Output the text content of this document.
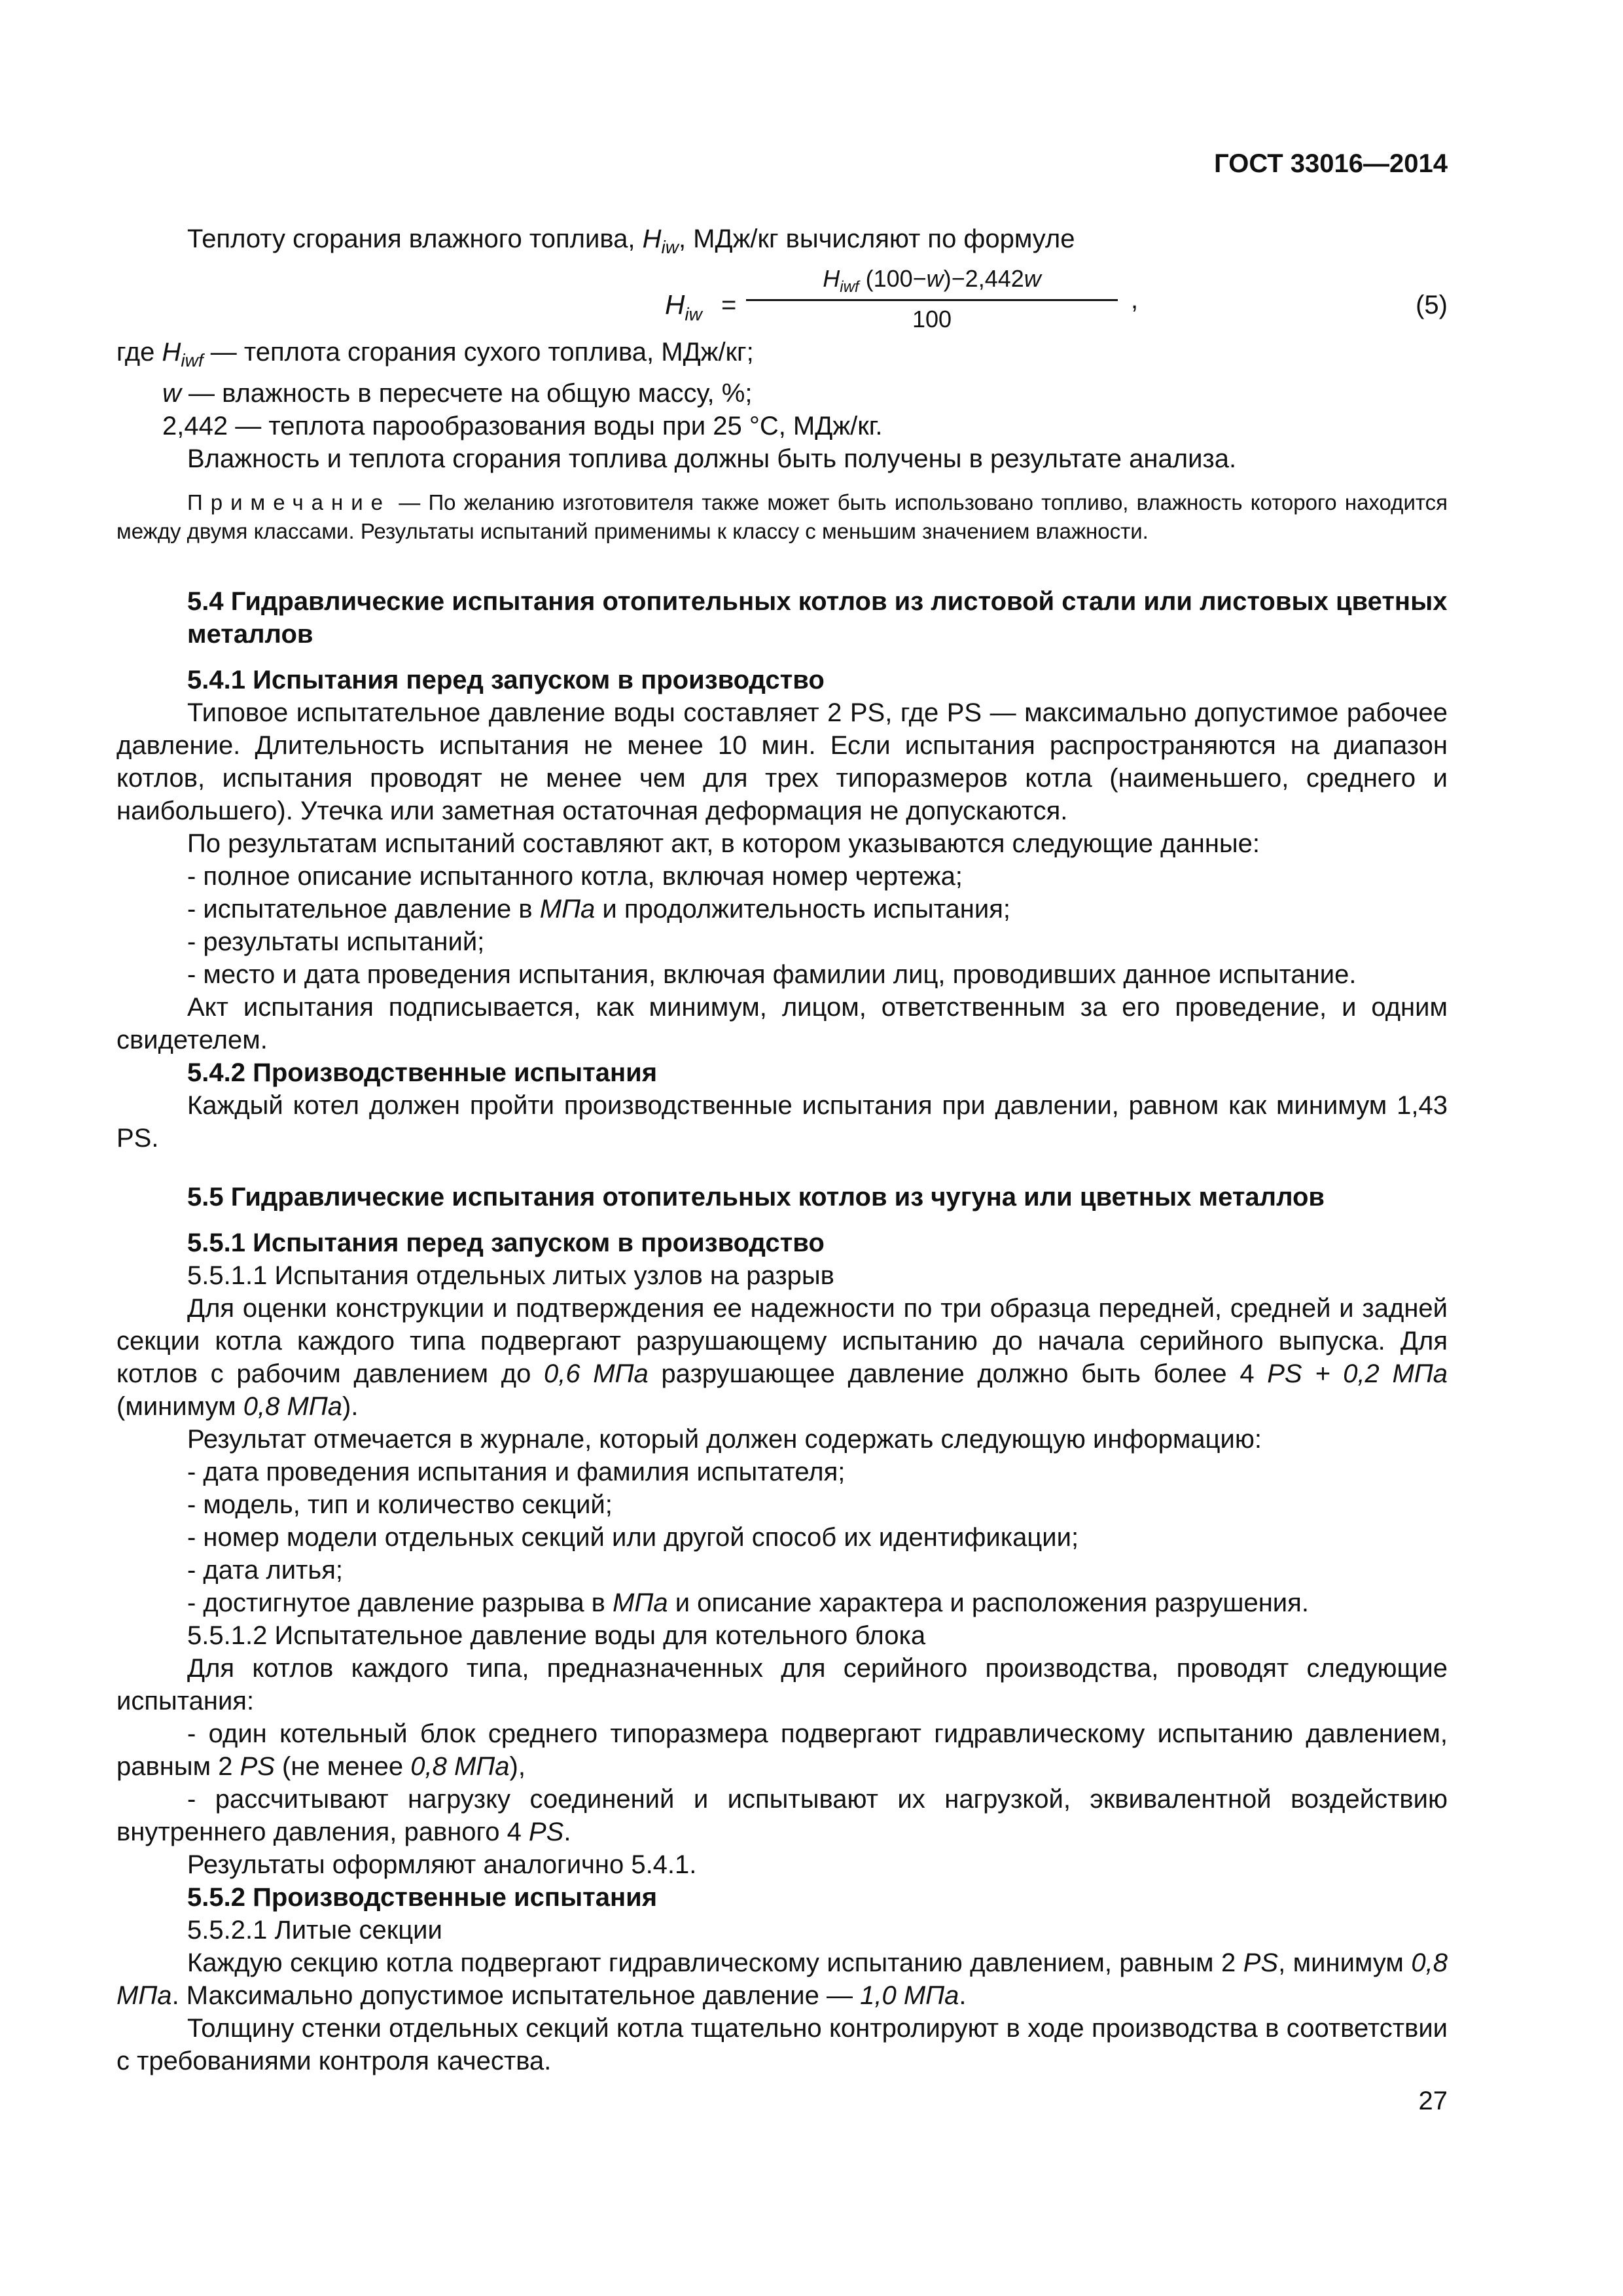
ГОСТ 33016—2014

Теплоту сгорания влажного топлива, $H_{iw}$, МДж/кг вычисляют по формуле

$H_{iw}$ =
$H_{iwf}$ (100−w)−2,442w
100
,	(5)

где $H_{iwf}$ — теплота сгорания сухого топлива, МДж/кг;

w — влажность в пересчете на общую массу, %;

2,442 — теплота парообразования воды при 25 °С, МДж/кг.

Влажность и теплота сгорания топлива должны быть получены в результате анализа.

Примечание — По желанию изготовителя также может быть использовано топливо, влажность которого находится между двумя классами. Результаты испытаний применимы к классу с меньшим значением влажности.

5.4 Гидравлические испытания отопительных котлов из листовой стали или листовых цветных металлов

5.4.1 Испытания перед запуском в производство

Типовое испытательное давление воды составляет 2 PS, где PS — максимально допустимое рабочее давление. Длительность испытания не менее 10 мин. Если испытания распространяются на диапазон котлов, испытания проводят не менее чем для трех типоразмеров котла (наименьшего, среднего и наибольшего). Утечка или заметная остаточная деформация не допускаются.

По результатам испытаний составляют акт, в котором указываются следующие данные:

- полное описание испытанного котла, включая номер чертежа;

- испытательное давление в МПа и продолжительность испытания;

- результаты испытаний;

- место и дата проведения испытания, включая фамилии лиц, проводивших данное испытание.

Акт испытания подписывается, как минимум, лицом, ответственным за его проведение, и одним свидетелем.

5.4.2 Производственные испытания

Каждый котел должен пройти производственные испытания при давлении, равном как минимум 1,43 PS.

5.5 Гидравлические испытания отопительных котлов из чугуна или цветных металлов

5.5.1 Испытания перед запуском в производство

5.5.1.1 Испытания отдельных литых узлов на разрыв

Для оценки конструкции и подтверждения ее надежности по три образца передней, средней и задней секции котла каждого типа подвергают разрушающему испытанию до начала серийного выпуска. Для котлов с рабочим давлением до 0,6 МПа разрушающее давление должно быть более 4 PS + 0,2 МПа (минимум 0,8 МПа).

Результат отмечается в журнале, который должен содержать следующую информацию:

- дата проведения испытания и фамилия испытателя;

- модель, тип и количество секций;

- номер модели отдельных секций или другой способ их идентификации;

- дата литья;

- достигнутое давление разрыва в МПа и описание характера и расположения разрушения.

5.5.1.2 Испытательное давление воды для котельного блока

Для котлов каждого типа, предназначенных для серийного производства, проводят следующие испытания:

- один котельный блок среднего типоразмера подвергают гидравлическому испытанию давлением, равным 2 PS (не менее 0,8 МПа),

- рассчитывают нагрузку соединений и испытывают их нагрузкой, эквивалентной воздействию внутреннего давления, равного 4 PS.

Результаты оформляют аналогично 5.4.1.

5.5.2 Производственные испытания

5.5.2.1 Литые секции

Каждую секцию котла подвергают гидравлическому испытанию давлением, равным 2 PS, минимум 0,8 МПа. Максимально допустимое испытательное давление — 1,0 МПа.

Толщину стенки отдельных секций котла тщательно контролируют в ходе производства в соответствии с требованиями контроля качества.

27
